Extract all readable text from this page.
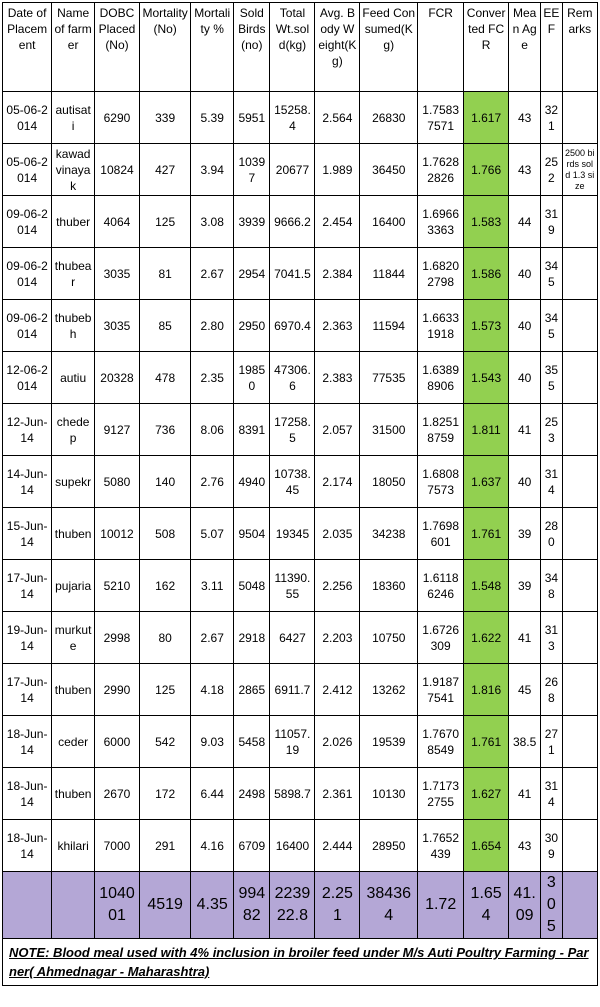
Date of Placement	Name of farmer	DOBC Placed(No)	Mortality(No)	Mortality %	Sold Birds(no)	Total Wt.sold(kg)	Avg. Body Weight(Kg)	Feed Consumed(Kg)	FCR	Converted FCR	Mean Age	EEF	Remarks
05-06-2014	autisati	6290	339	5.39	5951	15258.4	2.564	26830	1.75837571	1.617	43	321	
05-06-2014	kawadvinayak	10824	427	3.94	10397	20677	1.989	36450	1.76282826	1.766	43	252	2500 birds sold 1.3 size
09-06-2014	thuber	4064	125	3.08	3939	9666.2	2.454	16400	1.69663363	1.583	44	319	
09-06-2014	thubear	3035	81	2.67	2954	7041.5	2.384	11844	1.68202798	1.586	40	345	
09-06-2014	thubebh	3035	85	2.80	2950	6970.4	2.363	11594	1.66331918	1.573	40	345	
12-06-2014	autiu	20328	478	2.35	19850	47306.6	2.383	77535	1.63898906	1.543	40	355	
12-Jun-14	chedep	9127	736	8.06	8391	17258.5	2.057	31500	1.82518759	1.811	41	253	
14-Jun-14	supekr	5080	140	2.76	4940	10738.45	2.174	18050	1.68087573	1.637	40	314	
15-Jun-14	thuben	10012	508	5.07	9504	19345	2.035	34238	1.7698601	1.761	39	280	
17-Jun-14	pujaria	5210	162	3.11	5048	11390.55	2.256	18360	1.61186246	1.548	39	348	
19-Jun-14	murkute	2998	80	2.67	2918	6427	2.203	10750	1.6726309	1.622	41	313	
17-Jun-14	thuben	2990	125	4.18	2865	6911.7	2.412	13262	1.91877541	1.816	45	268	
18-Jun-14	ceder	6000	542	9.03	5458	11057.19	2.026	19539	1.76708549	1.761	38.5	271	
18-Jun-14	thuben	2670	172	6.44	2498	5898.7	2.361	10130	1.71732755	1.627	41	314	
18-Jun-14	khilari	7000	291	4.16	6709	16400	2.444	28950	1.7652439	1.654	43	309	
		104001	4519	4.35	99482	223922.8	2.251	384364	1.72	1.654	41.09	305	
NOTE: Blood meal used with 4% inclusion in broiler feed under M/s Auti Poultry Farming - Parner( Ahmednagar - Maharashtra)													
